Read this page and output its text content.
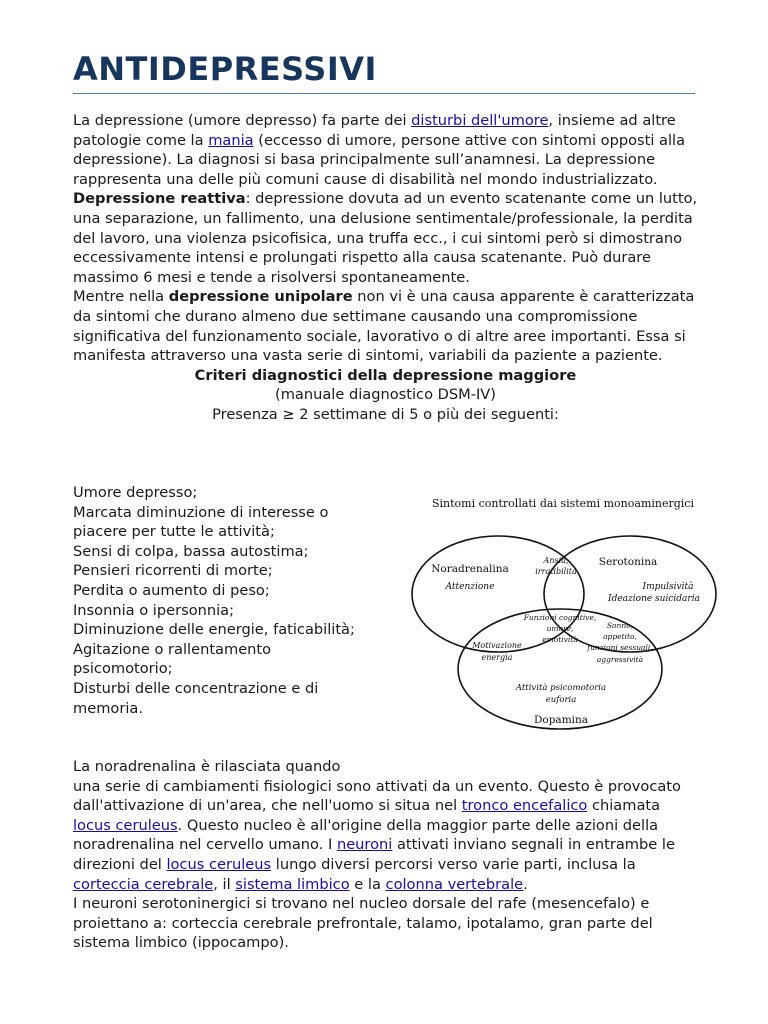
ANTIDEPRESSIVI

La depressione (umore depresso) fa parte dei disturbi dell'umore, insieme ad altre patologie come la mania (eccesso di umore, persone attive con sintomi opposti alla depressione). La diagnosi si basa principalmente sull’anamnesi. La depressione rappresenta una delle più comuni cause di disabilità nel mondo industrializzato.

Depressione reattiva: depressione dovuta ad un evento scatenante come un lutto, una separazione, un fallimento, una delusione sentimentale/professionale, la perdita del lavoro, una violenza psicofisica, una truffa ecc., i cui sintomi però si dimostrano eccessivamente intensi e prolungati rispetto alla causa scatenante. Può durare massimo 6 mesi e tende a risolversi spontaneamente.

Mentre nella depressione unipolare non vi è una causa apparente è caratterizzata da sintomi che durano almeno due settimane causando una compromissione significativa del funzionamento sociale, lavorativo o di altre aree importanti. Essa si manifesta attraverso una vasta serie di sintomi, variabili da paziente a paziente.

Criteri diagnostici della depressione maggiore

(manuale diagnostico DSM-IV)

Presenza ≥ 2 settimane di 5 o più dei seguenti:

Umore depresso;

Marcata diminuzione di interesse o piacere per tutte le attività;

Sensi di colpa, bassa autostima;

Pensieri ricorrenti di morte;

Perdita o aumento di peso;

Insonnia o ipersonnia;

Diminuzione delle energie, faticabilità;

Agitazione o rallentamento psicomotorio;

Disturbi delle concentrazione e di memoria.

Sintomi controllati dai sistemi monoaminergici
Noradrenalina
Attenzione
Serotonina
Impulsività
Ideazione suicidaria
Ansia,
irratibilità
Funzioni cognitive,
umore,
emotività
Motivazione
energia
Sonno,
appetito,
funzioni sessuali,
aggressività
Attività psicomotoria
euforia
Dopamina

La noradrenalina è rilasciata quando

una serie di cambiamenti fisiologici sono attivati da un evento. Questo è provocato dall'attivazione di un'area, che nell'uomo si situa nel tronco encefalico chiamata locus ceruleus. Questo nucleo è all'origine della maggior parte delle azioni della noradrenalina nel cervello umano. I neuroni attivati inviano segnali in entrambe le direzioni del locus ceruleus lungo diversi percorsi verso varie parti, inclusa la corteccia cerebrale, il sistema limbico e la colonna vertebrale.

I neuroni serotoninergici si trovano nel nucleo dorsale del rafe (mesencefalo) e proiettano a: corteccia cerebrale prefrontale, talamo, ipotalamo, gran parte del sistema limbico (ippocampo).
